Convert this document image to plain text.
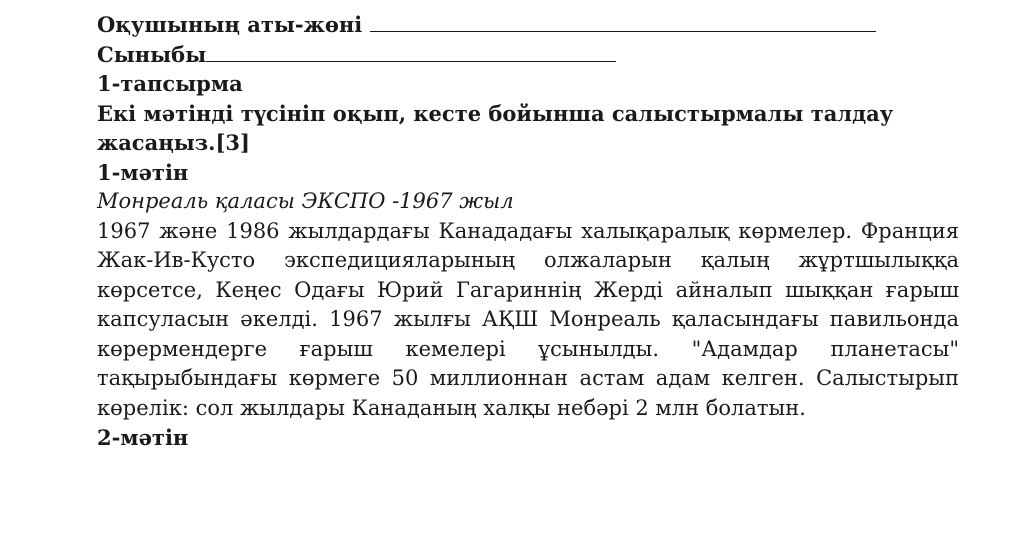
Оқушының аты-жөні
Сыныбы
1-тапсырма
Екі мәтінді түсініп оқып, кесте бойынша салыстырмалы талдау
жасаңыз.[3]
1-мәтін
Монреаль қаласы ЭКСПО -1967 жыл
1967 және 1986 жылдардағы Канададағы халықаралық көрмелер. Франция Жак-Ив-Кусто экспедицияларының олжаларын қалың жұртшылыққа көрсетсе, Кеңес Одағы Юрий Гагариннің Жерді айналып шыққан ғарыш капсуласын әкелді. 1967 жылғы АҚШ Монреаль қаласындағы павильонда көрермендерге ғарыш кемелері ұсынылды. "Адамдар планетасы" тақырыбындағы көрмеге 50 миллионнан астам адам келген. Салыстырып көрелік: сол жылдары Канаданың халқы небәрі 2 млн болатын.
2-мәтін
